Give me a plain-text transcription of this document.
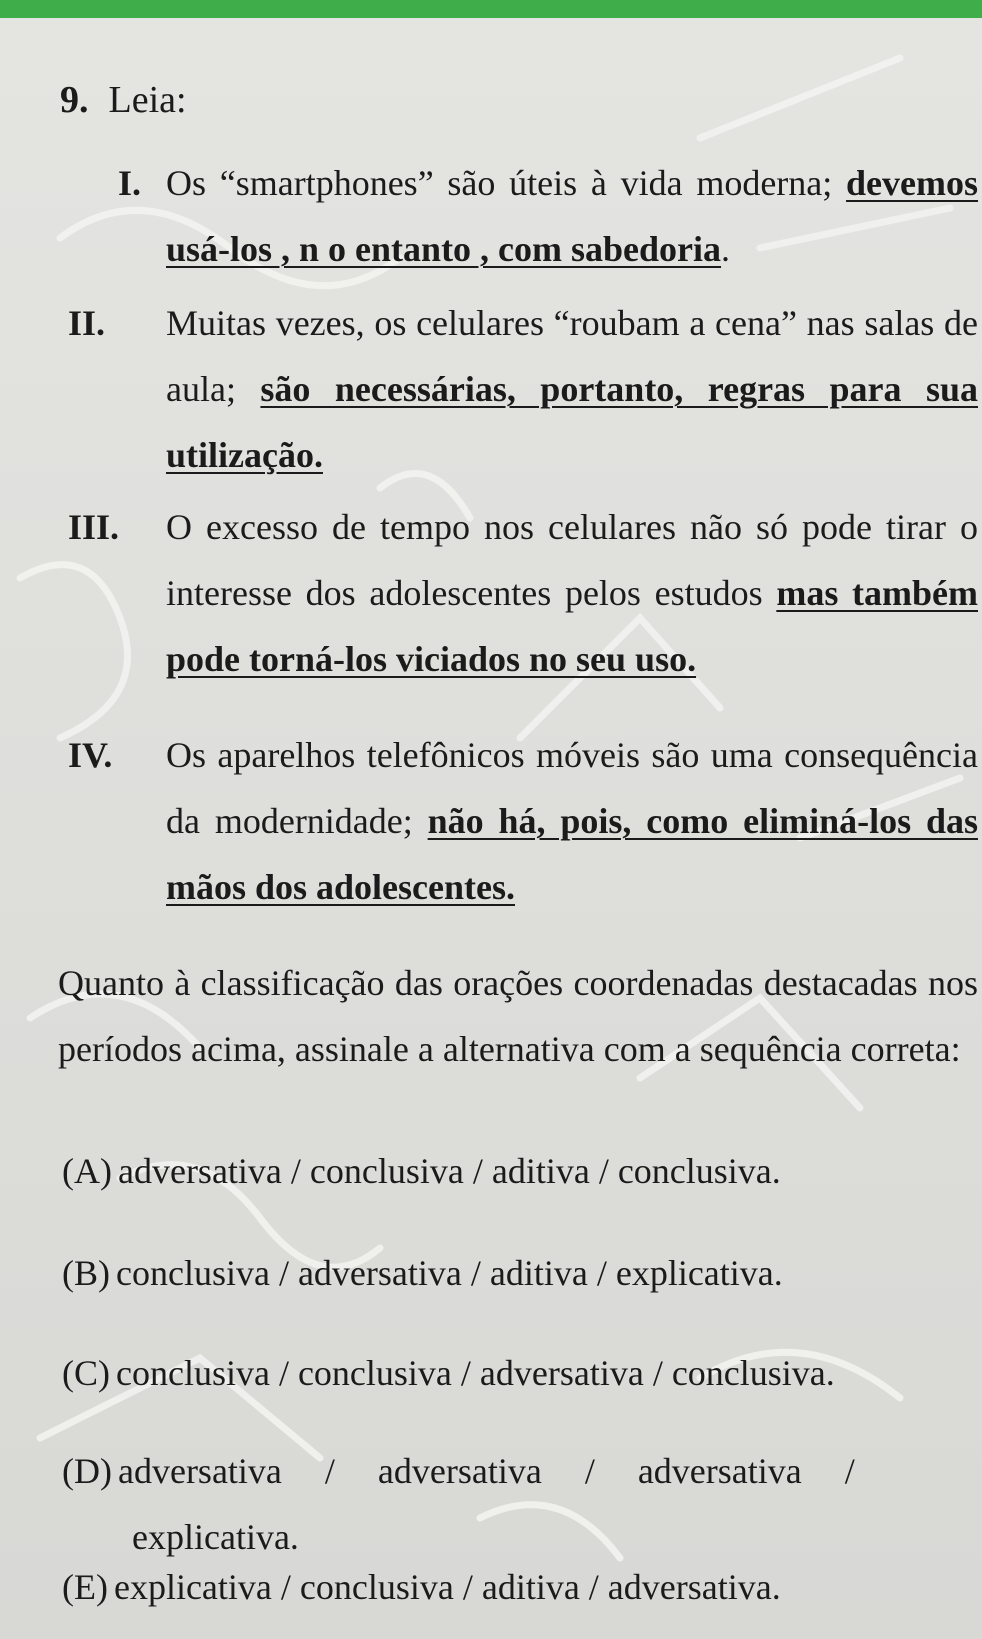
9. Leia:
I. Os “smartphones” são úteis à vida moderna; devemos usá-los , n o entanto , com sabedoria.
II. Muitas vezes, os celulares “roubam a cena” nas salas de aula; são necessárias, portanto, regras para sua utilização.
III. O excesso de tempo nos celulares não só pode tirar o interesse dos adolescentes pelos estudos mas também pode torná-los viciados no seu uso.
IV. Os aparelhos telefônicos móveis são uma consequência da modernidade; não há, pois, como eliminá-los das mãos dos adolescentes.
Quanto à classificação das orações coordenadas destacadas nos períodos acima, assinale a alternativa com a sequência correta:
(A) adversativa / conclusiva / aditiva / conclusiva.
(B) conclusiva / adversativa / aditiva / explicativa.
(C) conclusiva / conclusiva / adversativa / conclusiva.
(D) adversativa / adversativa / adversativa /
explicativa.
(E) explicativa / conclusiva / aditiva / adversativa.
